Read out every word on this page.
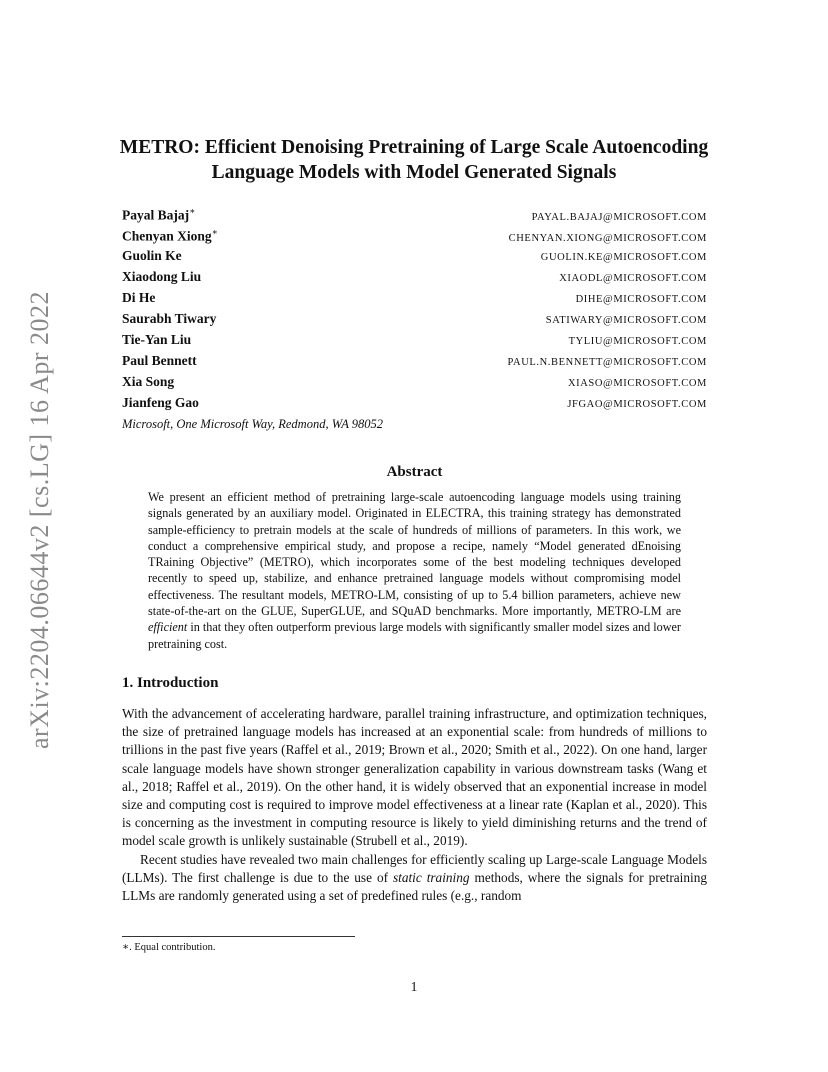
arXiv:2204.06644v2 [cs.LG] 16 Apr 2022
METRO: Efficient Denoising Pretraining of Large Scale Autoencoding Language Models with Model Generated Signals
Payal Bajaj∗
PAYAL.BAJAJ@MICROSOFT.COM
Chenyan Xiong∗
CHENYAN.XIONG@MICROSOFT.COM
Guolin Ke	GUOLIN.KE@MICROSOFT.COM
Xiaodong Liu	XIAODL@MICROSOFT.COM
Di He	DIHE@MICROSOFT.COM
Saurabh Tiwary	SATIWARY@MICROSOFT.COM
Tie-Yan Liu	TYLIU@MICROSOFT.COM
Paul Bennett	PAUL.N.BENNETT@MICROSOFT.COM
Xia Song	XIASO@MICROSOFT.COM
Jianfeng Gao	JFGAO@MICROSOFT.COM
Microsoft, One Microsoft Way, Redmond, WA 98052
Abstract

We present an efficient method of pretraining large-scale autoencoding language models using training signals generated by an auxiliary model. Originated in ELECTRA, this training strategy has demonstrated sample-efficiency to pretrain models at the scale of hundreds of millions of parameters. In this work, we conduct a comprehensive empirical study, and propose a recipe, namely “Model generated dEnoising TRaining Objective” (METRO), which incorporates some of the best modeling techniques developed recently to speed up, stabilize, and enhance pretrained language models without compromising model effectiveness. The resultant models, METRO-LM, consisting of up to 5.4 billion parameters, achieve new state-of-the-art on the GLUE, SuperGLUE, and SQuAD benchmarks. More importantly, METRO-LM are efficient in that they often outperform previous large models with significantly smaller model sizes and lower pretraining cost.

1. Introduction

With the advancement of accelerating hardware, parallel training infrastructure, and optimization techniques, the size of pretrained language models has increased at an exponential scale: from hundreds of millions to trillions in the past five years (Raffel et al., 2019; Brown et al., 2020; Smith et al., 2022). On one hand, larger scale language models have shown stronger generalization capability in various downstream tasks (Wang et al., 2018; Raffel et al., 2019). On the other hand, it is widely observed that an exponential increase in model size and computing cost is required to improve model effectiveness at a linear rate (Kaplan et al., 2020). This is concerning as the investment in computing resource is likely to yield diminishing returns and the trend of model scale growth is unlikely sustainable (Strubell et al., 2019).

Recent studies have revealed two main challenges for efficiently scaling up Large-scale Language Models (LLMs). The first challenge is due to the use of static training methods, where the signals for pretraining LLMs are randomly generated using a set of predefined rules (e.g., random

∗. Equal contribution.
1
